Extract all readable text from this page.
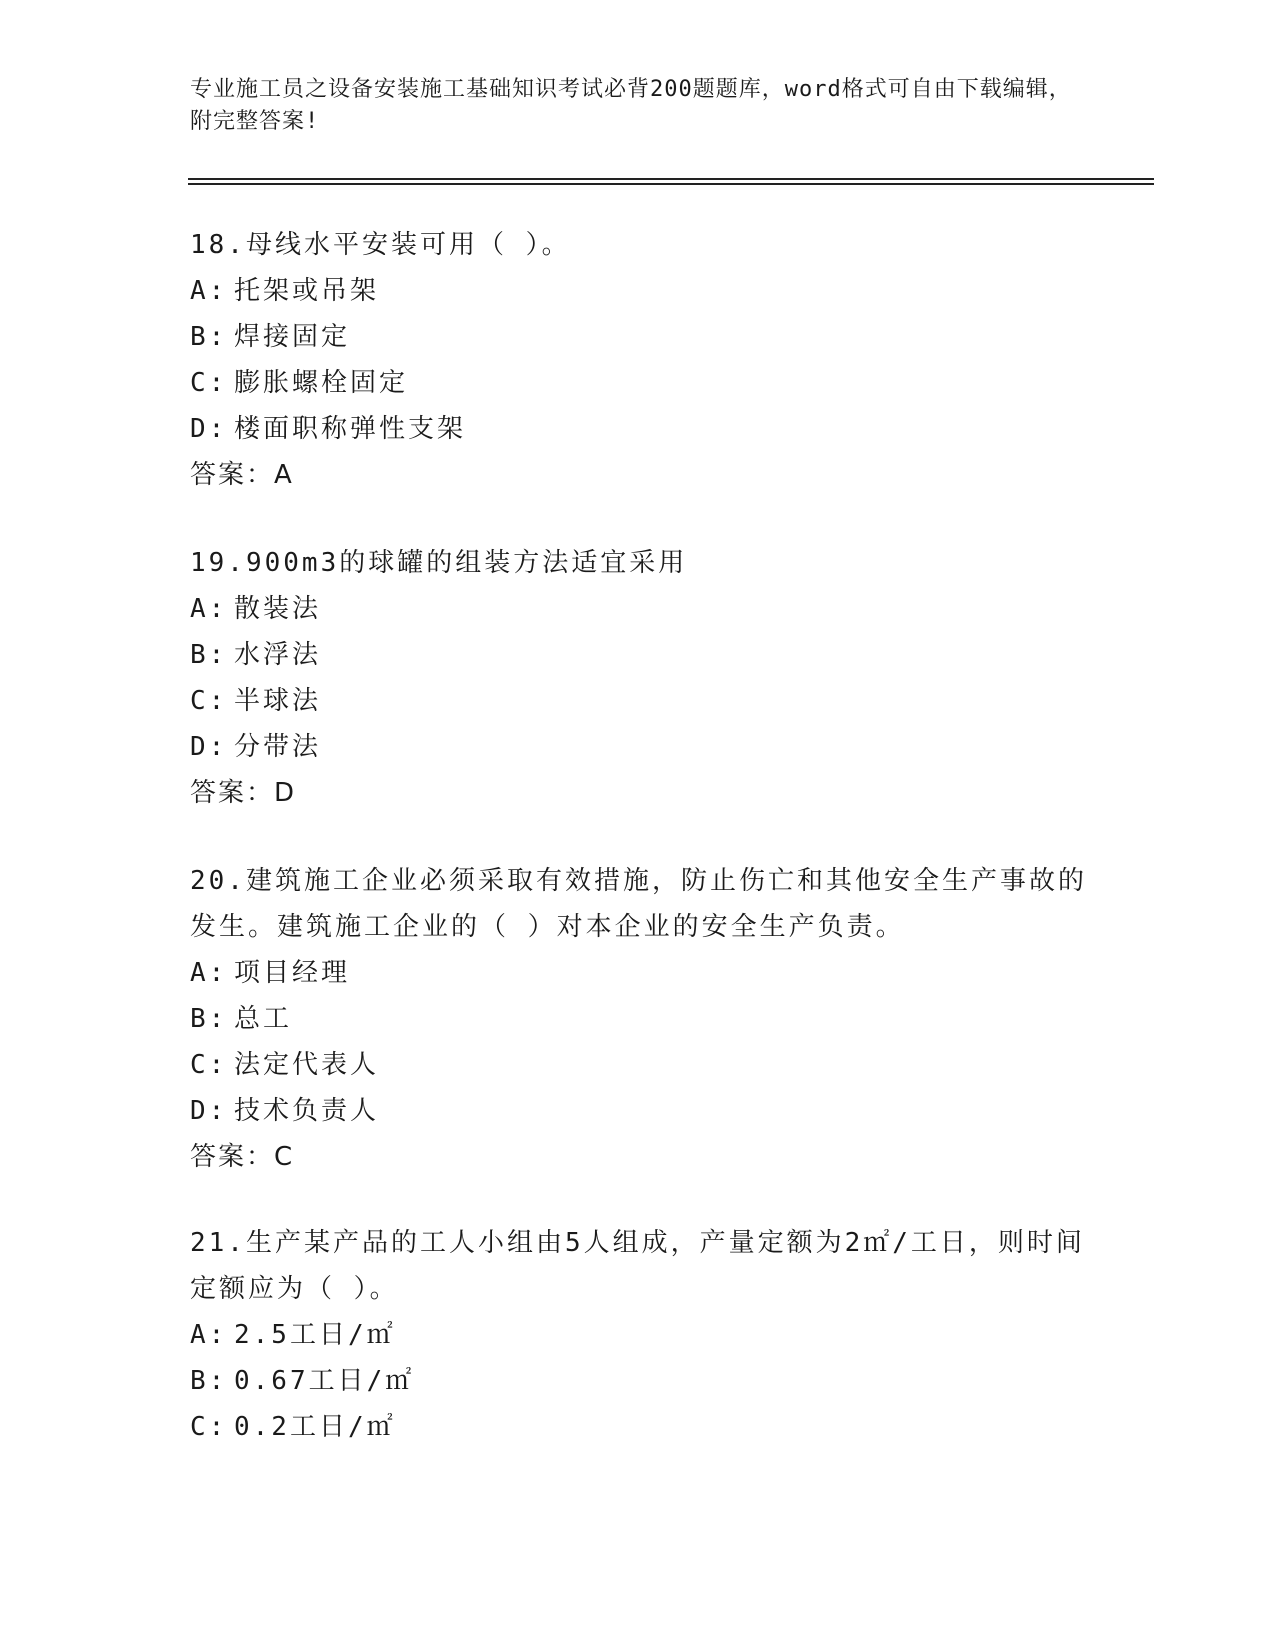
专业施工员之设备安装施工基础知识考试必背200题题库，word格式可自由下载编辑，附完整答案!

18.母线水平安装可用（ ）。

A: 托架或吊架

B: 焊接固定

C: 膨胀螺栓固定

D: 楼面职称弹性支架

答案：A

19.900m3的球罐的组装方法适宜采用

A: 散装法

B: 水浮法

C: 半球法

D: 分带法

答案：D

20.建筑施工企业必须采取有效措施，防止伤亡和其他安全生产事故的发生。建筑施工企业的（ ）对本企业的安全生产负责。

A: 项目经理

B: 总工

C: 法定代表人

D: 技术负责人

答案：C

21.生产某产品的工人小组由5人组成，产量定额为2㎡/工日，则时间定额应为（ ）。

A: 2.5工日/㎡

B: 0.67工日/㎡

C: 0.2工日/㎡
